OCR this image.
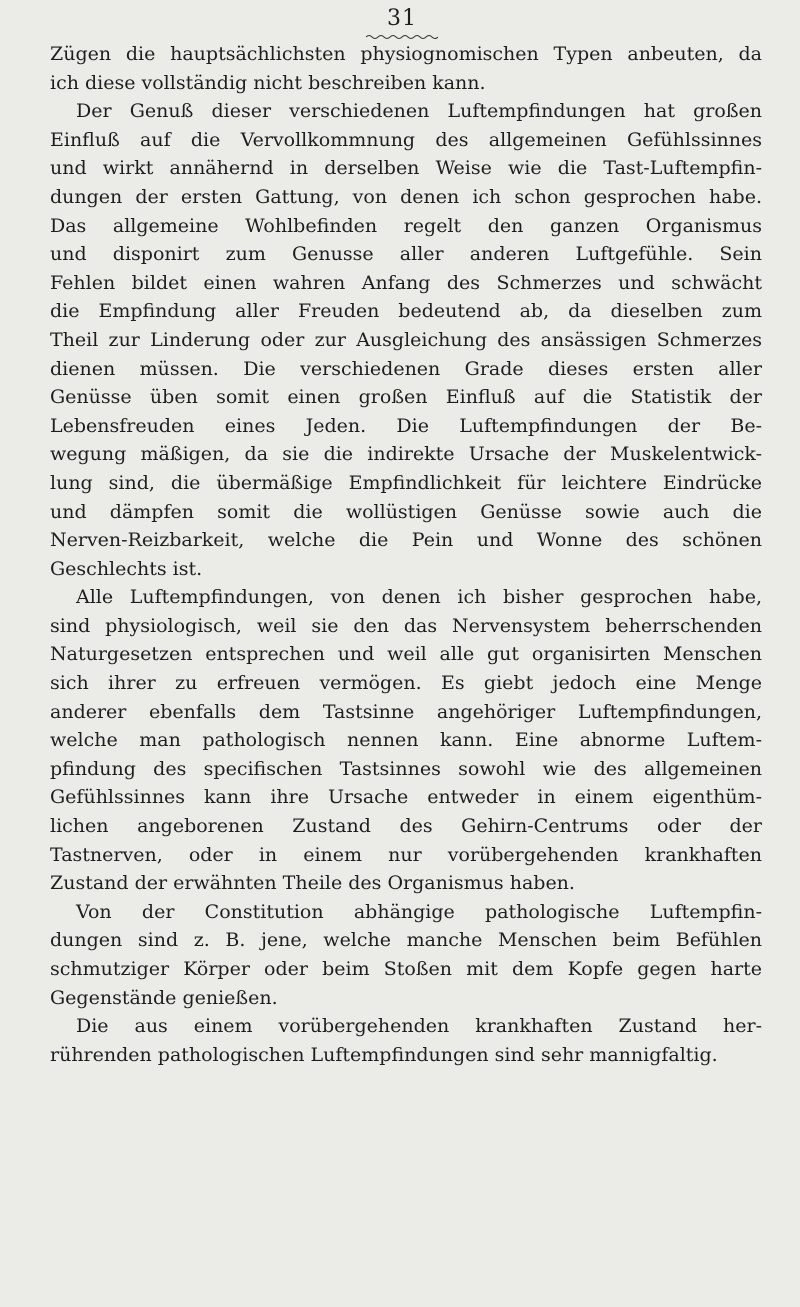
31
Zügen die hauptsächlichsten physiognomischen Typen anbeuten, da
ich diese vollständig nicht beschreiben kann.
Der Genuß dieser verschiedenen Luftempfindungen hat großen
Einfluß auf die Vervollkommnung des allgemeinen Gefühlssinnes
und wirkt annähernd in derselben Weise wie die Tast-Luftempfin-
dungen der ersten Gattung, von denen ich schon gesprochen habe.
Das allgemeine Wohlbefinden regelt den ganzen Organismus
und disponirt zum Genusse aller anderen Luftgefühle. Sein
Fehlen bildet einen wahren Anfang des Schmerzes und schwächt
die Empfindung aller Freuden bedeutend ab, da dieselben zum
Theil zur Linderung oder zur Ausgleichung des ansässigen Schmerzes
dienen müssen. Die verschiedenen Grade dieses ersten aller
Genüsse üben somit einen großen Einfluß auf die Statistik der
Lebensfreuden eines Jeden. Die Luftempfindungen der Be-
wegung mäßigen, da sie die indirekte Ursache der Muskelentwick-
lung sind, die übermäßige Empfindlichkeit für leichtere Eindrücke
und dämpfen somit die wollüstigen Genüsse sowie auch die
Nerven-Reizbarkeit, welche die Pein und Wonne des schönen
Geschlechts ist.
Alle Luftempfindungen, von denen ich bisher gesprochen habe,
sind physiologisch, weil sie den das Nervensystem beherrschenden
Naturgesetzen entsprechen und weil alle gut organisirten Menschen
sich ihrer zu erfreuen vermögen. Es giebt jedoch eine Menge
anderer ebenfalls dem Tastsinne angehöriger Luftempfindungen,
welche man pathologisch nennen kann. Eine abnorme Luftem-
pfindung des specifischen Tastsinnes sowohl wie des allgemeinen
Gefühlssinnes kann ihre Ursache entweder in einem eigenthüm-
lichen angeborenen Zustand des Gehirn-Centrums oder der
Tastnerven, oder in einem nur vorübergehenden krankhaften
Zustand der erwähnten Theile des Organismus haben.
Von der Constitution abhängige pathologische Luftempfin-
dungen sind z. B. jene, welche manche Menschen beim Befühlen
schmutziger Körper oder beim Stoßen mit dem Kopfe gegen harte
Gegenstände genießen.
Die aus einem vorübergehenden krankhaften Zustand her-
rührenden pathologischen Luftempfindungen sind sehr mannigfaltig.
